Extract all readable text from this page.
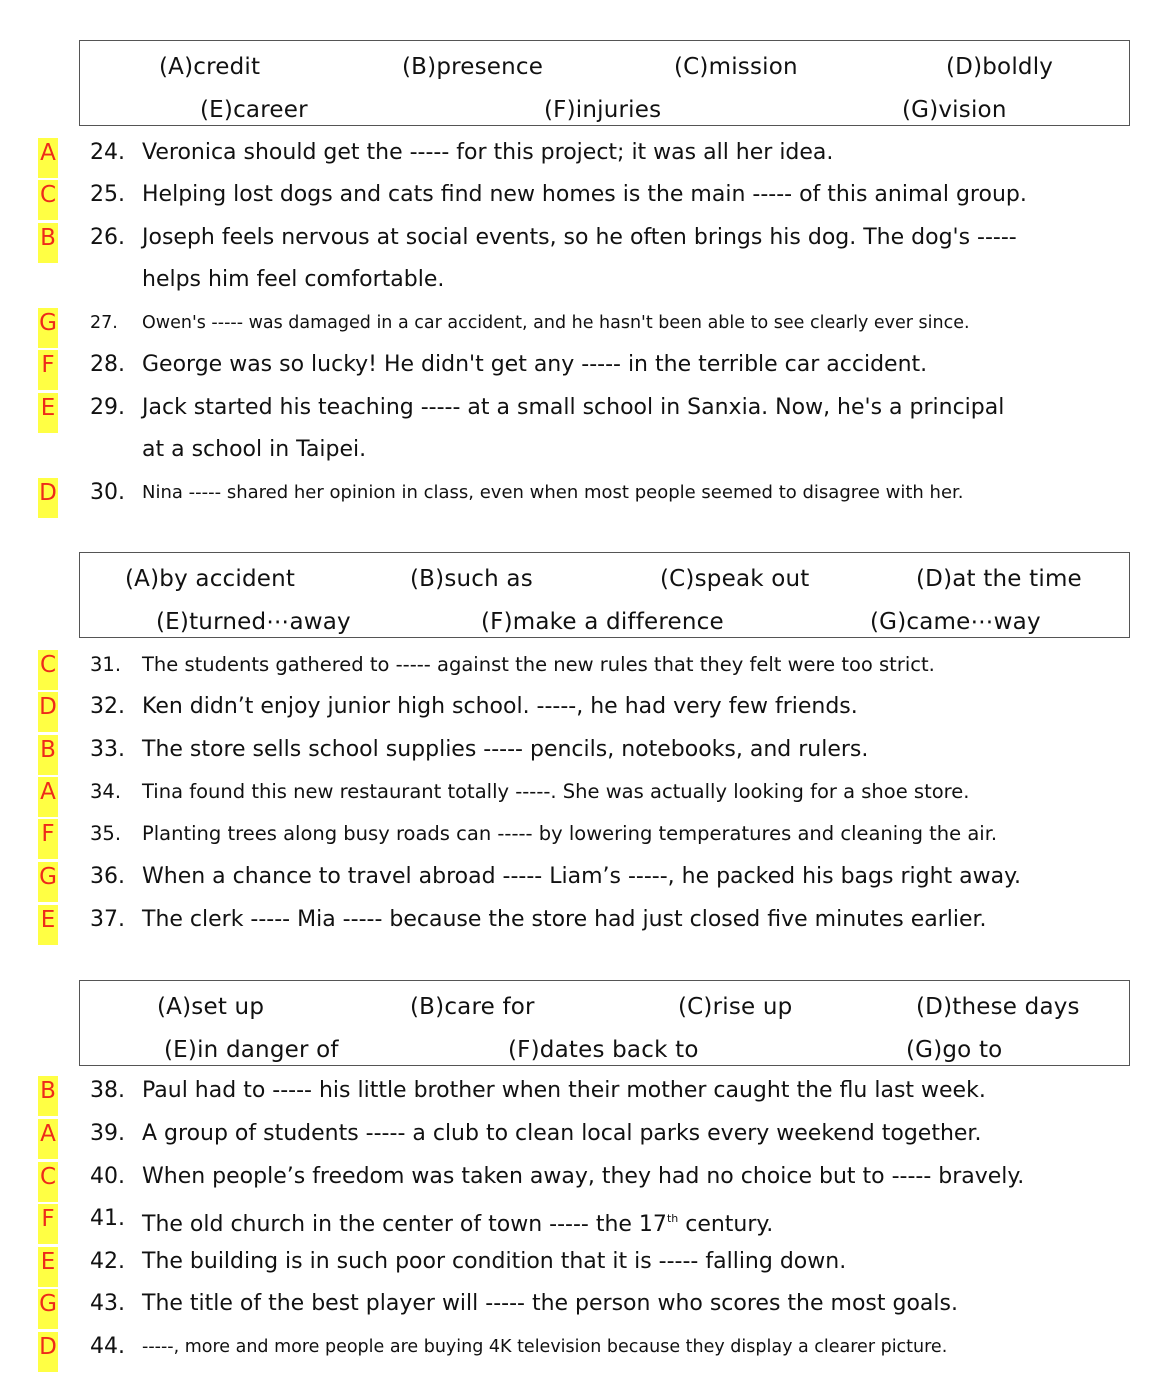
(A)credit	(B)presence	(C)mission	(D)boldly
(E)career	(F)injuries	(G)vision
A 24. Veronica should get the ----- for this project; it was all her idea.
C 25. Helping lost dogs and cats find new homes is the main ----- of this animal group.
B 26. Joseph feels nervous at social events, so he often brings his dog. The dog's -----
helps him feel comfortable.
G 27. Owen's ----- was damaged in a car accident, and he hasn't been able to see clearly ever since.
F 28. George was so lucky! He didn't get any ----- in the terrible car accident.
E 29. Jack started his teaching ----- at a small school in Sanxia. Now, he's a principal
at a school in Taipei.
D 30. Nina ----- shared her opinion in class, even when most people seemed to disagree with her.
(A)by accident	(B)such as	(C)speak out	(D)at the time
(E)turned⋯away	(F)make a difference	(G)came⋯way
C 31. The students gathered to ----- against the new rules that they felt were too strict.
D 32. Ken didn’t enjoy junior high school. -----, he had very few friends.
B 33. The store sells school supplies ----- pencils, notebooks, and rulers.
A 34. Tina found this new restaurant totally -----. She was actually looking for a shoe store.
F 35. Planting trees along busy roads can ----- by lowering temperatures and cleaning the air.
G 36. When a chance to travel abroad ----- Liam’s -----, he packed his bags right away.
E 37. The clerk ----- Mia ----- because the store had just closed five minutes earlier.
(A)set up	(B)care for	(C)rise up	(D)these days
(E)in danger of	(F)dates back to	(G)go to
B 38. Paul had to ----- his little brother when their mother caught the flu last week.
A 39. A group of students ----- a club to clean local parks every weekend together.
C 40. When people’s freedom was taken away, they had no choice but to ----- bravely.
F 41. The old church in the center of town ----- the 17th century.
E 42. The building is in such poor condition that it is ----- falling down.
G 43. The title of the best player will ----- the person who scores the most goals.
D 44. -----, more and more people are buying 4K television because they display a clearer picture.
